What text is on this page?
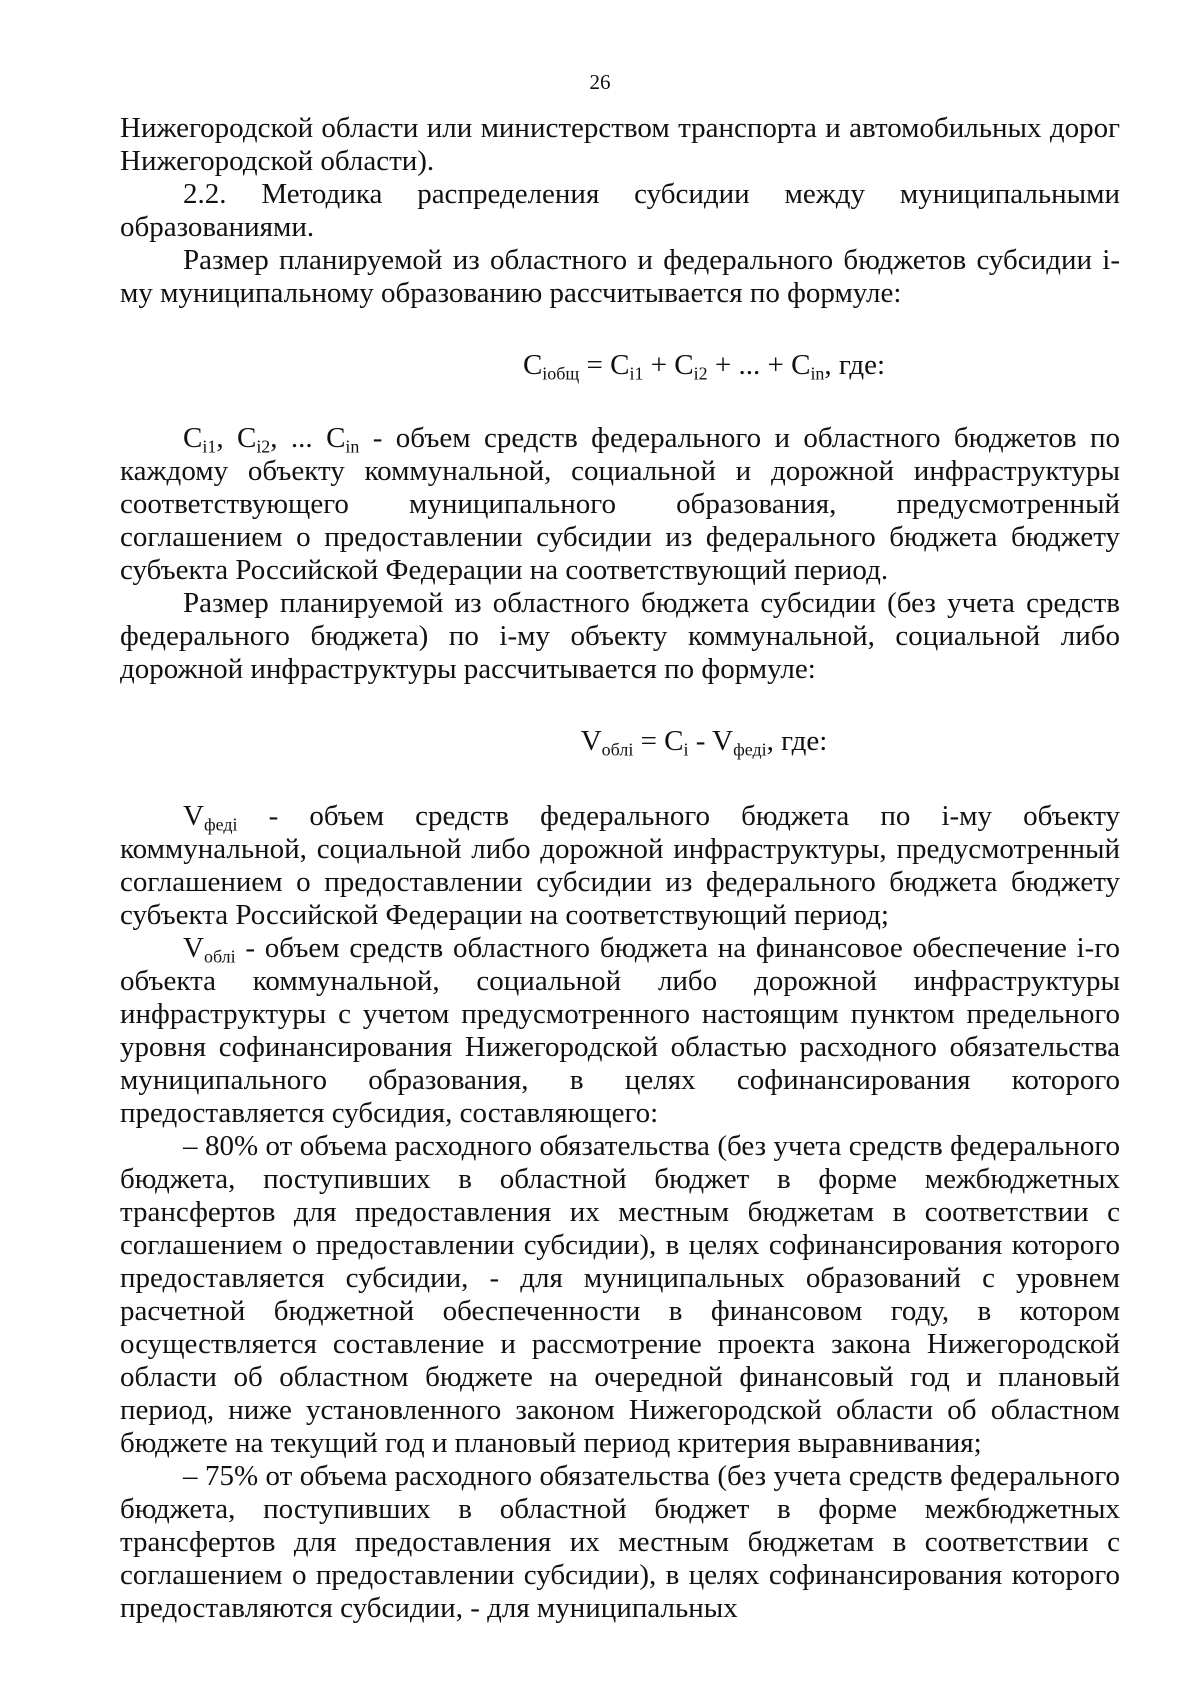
26

Нижегородской области или министерством транспорта и автомобильных дорог Нижегородской области).

2.2. Методика распределения субсидии между муниципальными образованиями.

Размер планируемой из областного и федерального бюджетов субсидии i-му муниципальному образованию рассчитывается по формуле:

$С_{iобщ} = С_{i1} + С_{i2}$ + ... + $С_{in}$, где:

$С_{i1}$, $С_{i2}$, ... $С_{in}$ - объем средств федерального и областного бюджетов по каждому объекту коммунальной, социальной и дорожной инфраструктуры соответствующего муниципального образования, предусмотренный соглашением о предоставлении субсидии из федерального бюджета бюджету субъекта Российской Федерации на соответствующий период.

Размер планируемой из областного бюджета субсидии (без учета средств федерального бюджета) по i-му объекту коммунальной, социальной либо дорожной инфраструктуры рассчитывается по формуле:

$V_{облi} = С_i - V_{федi}$, где:

$V_{федi}$ - объем средств федерального бюджета по i-му объекту коммунальной, социальной либо дорожной инфраструктуры, предусмотренный соглашением о предоставлении субсидии из федерального бюджета бюджету субъекта Российской Федерации на соответствующий период;

$V_{облi}$ - объем средств областного бюджета на финансовое обеспечение i-го объекта коммунальной, социальной либо дорожной инфраструктуры инфраструктуры с учетом предусмотренного настоящим пунктом предельного уровня софинансирования Нижегородской областью расходного обязательства муниципального образования, в целях софинансирования которого предоставляется субсидия, составляющего:

– 80% от объема расходного обязательства (без учета средств федерального бюджета, поступивших в областной бюджет в форме межбюджетных трансфертов для предоставления их местным бюджетам в соответствии с соглашением о предоставлении субсидии), в целях софинансирования которого предоставляется субсидии, - для муниципальных образований с уровнем расчетной бюджетной обеспеченности в финансовом году, в котором осуществляется составление и рассмотрение проекта закона Нижегородской области об областном бюджете на очередной финансовый год и плановый период, ниже установленного законом Нижегородской области об областном бюджете на текущий год и плановый период критерия выравнивания;

– 75% от объема расходного обязательства (без учета средств федерального бюджета, поступивших в областной бюджет в форме межбюджетных трансфертов для предоставления их местным бюджетам в соответствии с соглашением о предоставлении субсидии), в целях софинансирования которого предоставляются субсидии, - для муниципальных
